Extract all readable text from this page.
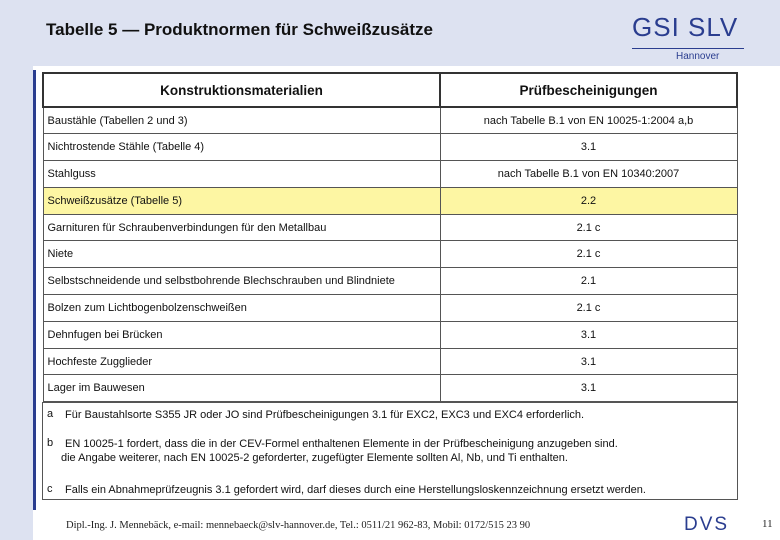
Tabelle 5 — Produktnormen für Schweißzusätze	GSI SLV
Hannover
Konstruktionsmaterialien	Prüfbescheinigungen
Baustähle (Tabellen 2 und 3)	nach Tabelle B.1 von EN 10025-1:2004 a,b
Nichtrostende Stähle (Tabelle 4)	3.1
Stahlguss	nach Tabelle B.1 von EN 10340:2007
Schweißzusätze (Tabelle 5)	2.2
Garnituren für Schraubenverbindungen für den Metallbau	2.1 c
Niete	2.1 c
Selbstschneidende und selbstbohrende Blechschrauben und Blindniete	2.1
Bolzen zum Lichtbogenbolzenschweißen	2.1 c
Dehnfugen bei Brücken	3.1
Hochfeste Zugglieder	3.1
Lager im Bauwesen	3.1
a Für Baustahlsorte S355 JR oder JO sind Prüfbescheinigungen 3.1 für EXC2, EXC3 und EXC4 erforderlich.
b EN 10025-1 fordert, dass die in der CEV-Formel enthaltenen Elemente in der Prüfbescheinigung anzugeben sind.
die Angabe weiterer, nach EN 10025-2 geforderter, zugefügter Elemente sollten Al, Nb, und Ti enthalten.
c Falls ein Abnahmeprüfzeugnis 3.1 gefordert wird, darf dieses durch eine Herstellungsloskennzeichnung ersetzt werden.
Dipl.-Ing. J. Mennebäck, e-mail: mennebaeck@slv-hannover.de, Tel.: 0511/21 962-83, Mobil: 0172/515 23 90	DVS	11
